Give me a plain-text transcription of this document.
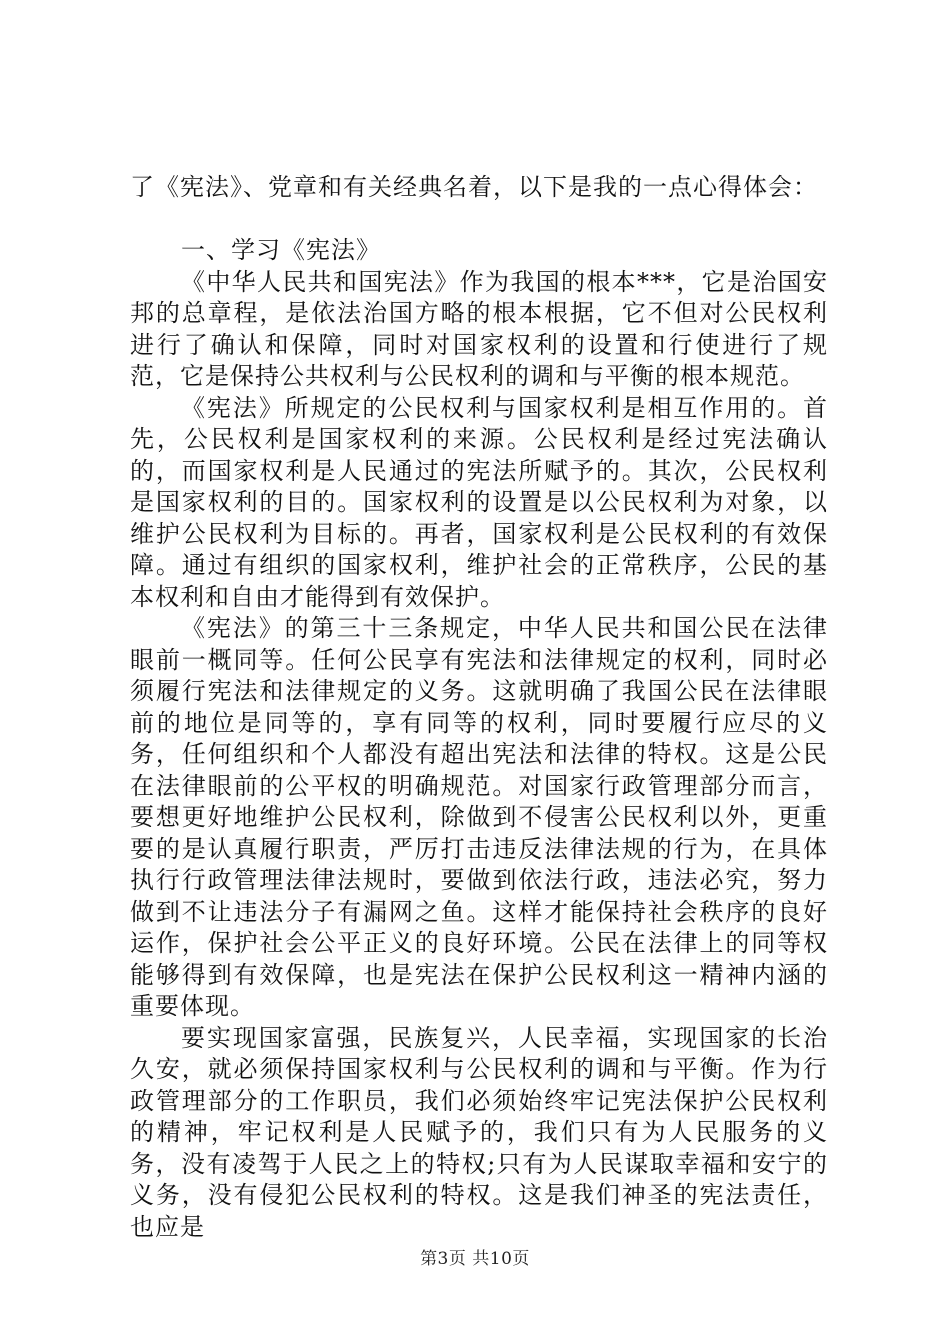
了《宪法》、党章和有关经典名着，以下是我的一点心得体会：

一、学习《宪法》

《中华人民共和国宪法》作为我国的根本***，它是治国安邦的总章程，是依法治国方略的根本根据，它不但对公民权利进行了确认和保障，同时对国家权利的设置和行使进行了规范，它是保持公共权利与公民权利的调和与平衡的根本规范。

《宪法》所规定的公民权利与国家权利是相互作用的。首先，公民权利是国家权利的来源。公民权利是经过宪法确认的，而国家权利是人民通过的宪法所赋予的。其次，公民权利是国家权利的目的。国家权利的设置是以公民权利为对象，以维护公民权利为目标的。再者，国家权利是公民权利的有效保障。通过有组织的国家权利，维护社会的正常秩序，公民的基本权利和自由才能得到有效保护。

《宪法》的第三十三条规定，中华人民共和国公民在法律眼前一概同等。任何公民享有宪法和法律规定的权利，同时必须履行宪法和法律规定的义务。这就明确了我国公民在法律眼前的地位是同等的，享有同等的权利，同时要履行应尽的义务，任何组织和个人都没有超出宪法和法律的特权。这是公民在法律眼前的公平权的明确规范。对国家行政管理部分而言，要想更好地维护公民权利，除做到不侵害公民权利以外，更重要的是认真履行职责，严厉打击违反法律法规的行为，在具体执行行政管理法律法规时，要做到依法行政，违法必究，努力做到不让违法分子有漏网之鱼。这样才能保持社会秩序的良好运作，保护社会公平正义的良好环境。公民在法律上的同等权能够得到有效保障，也是宪法在保护公民权利这一精神内涵的重要体现。

要实现国家富强，民族复兴，人民幸福，实现国家的长治久安，就必须保持国家权利与公民权利的调和与平衡。作为行政管理部分的工作职员，我们必须始终牢记宪法保护公民权利的精神，牢记权利是人民赋予的，我们只有为人民服务的义务，没有凌驾于人民之上的特权;只有为人民谋取幸福和安宁的义务，没有侵犯公民权利的特权。这是我们神圣的宪法责任，也应是

第3页 共10页
